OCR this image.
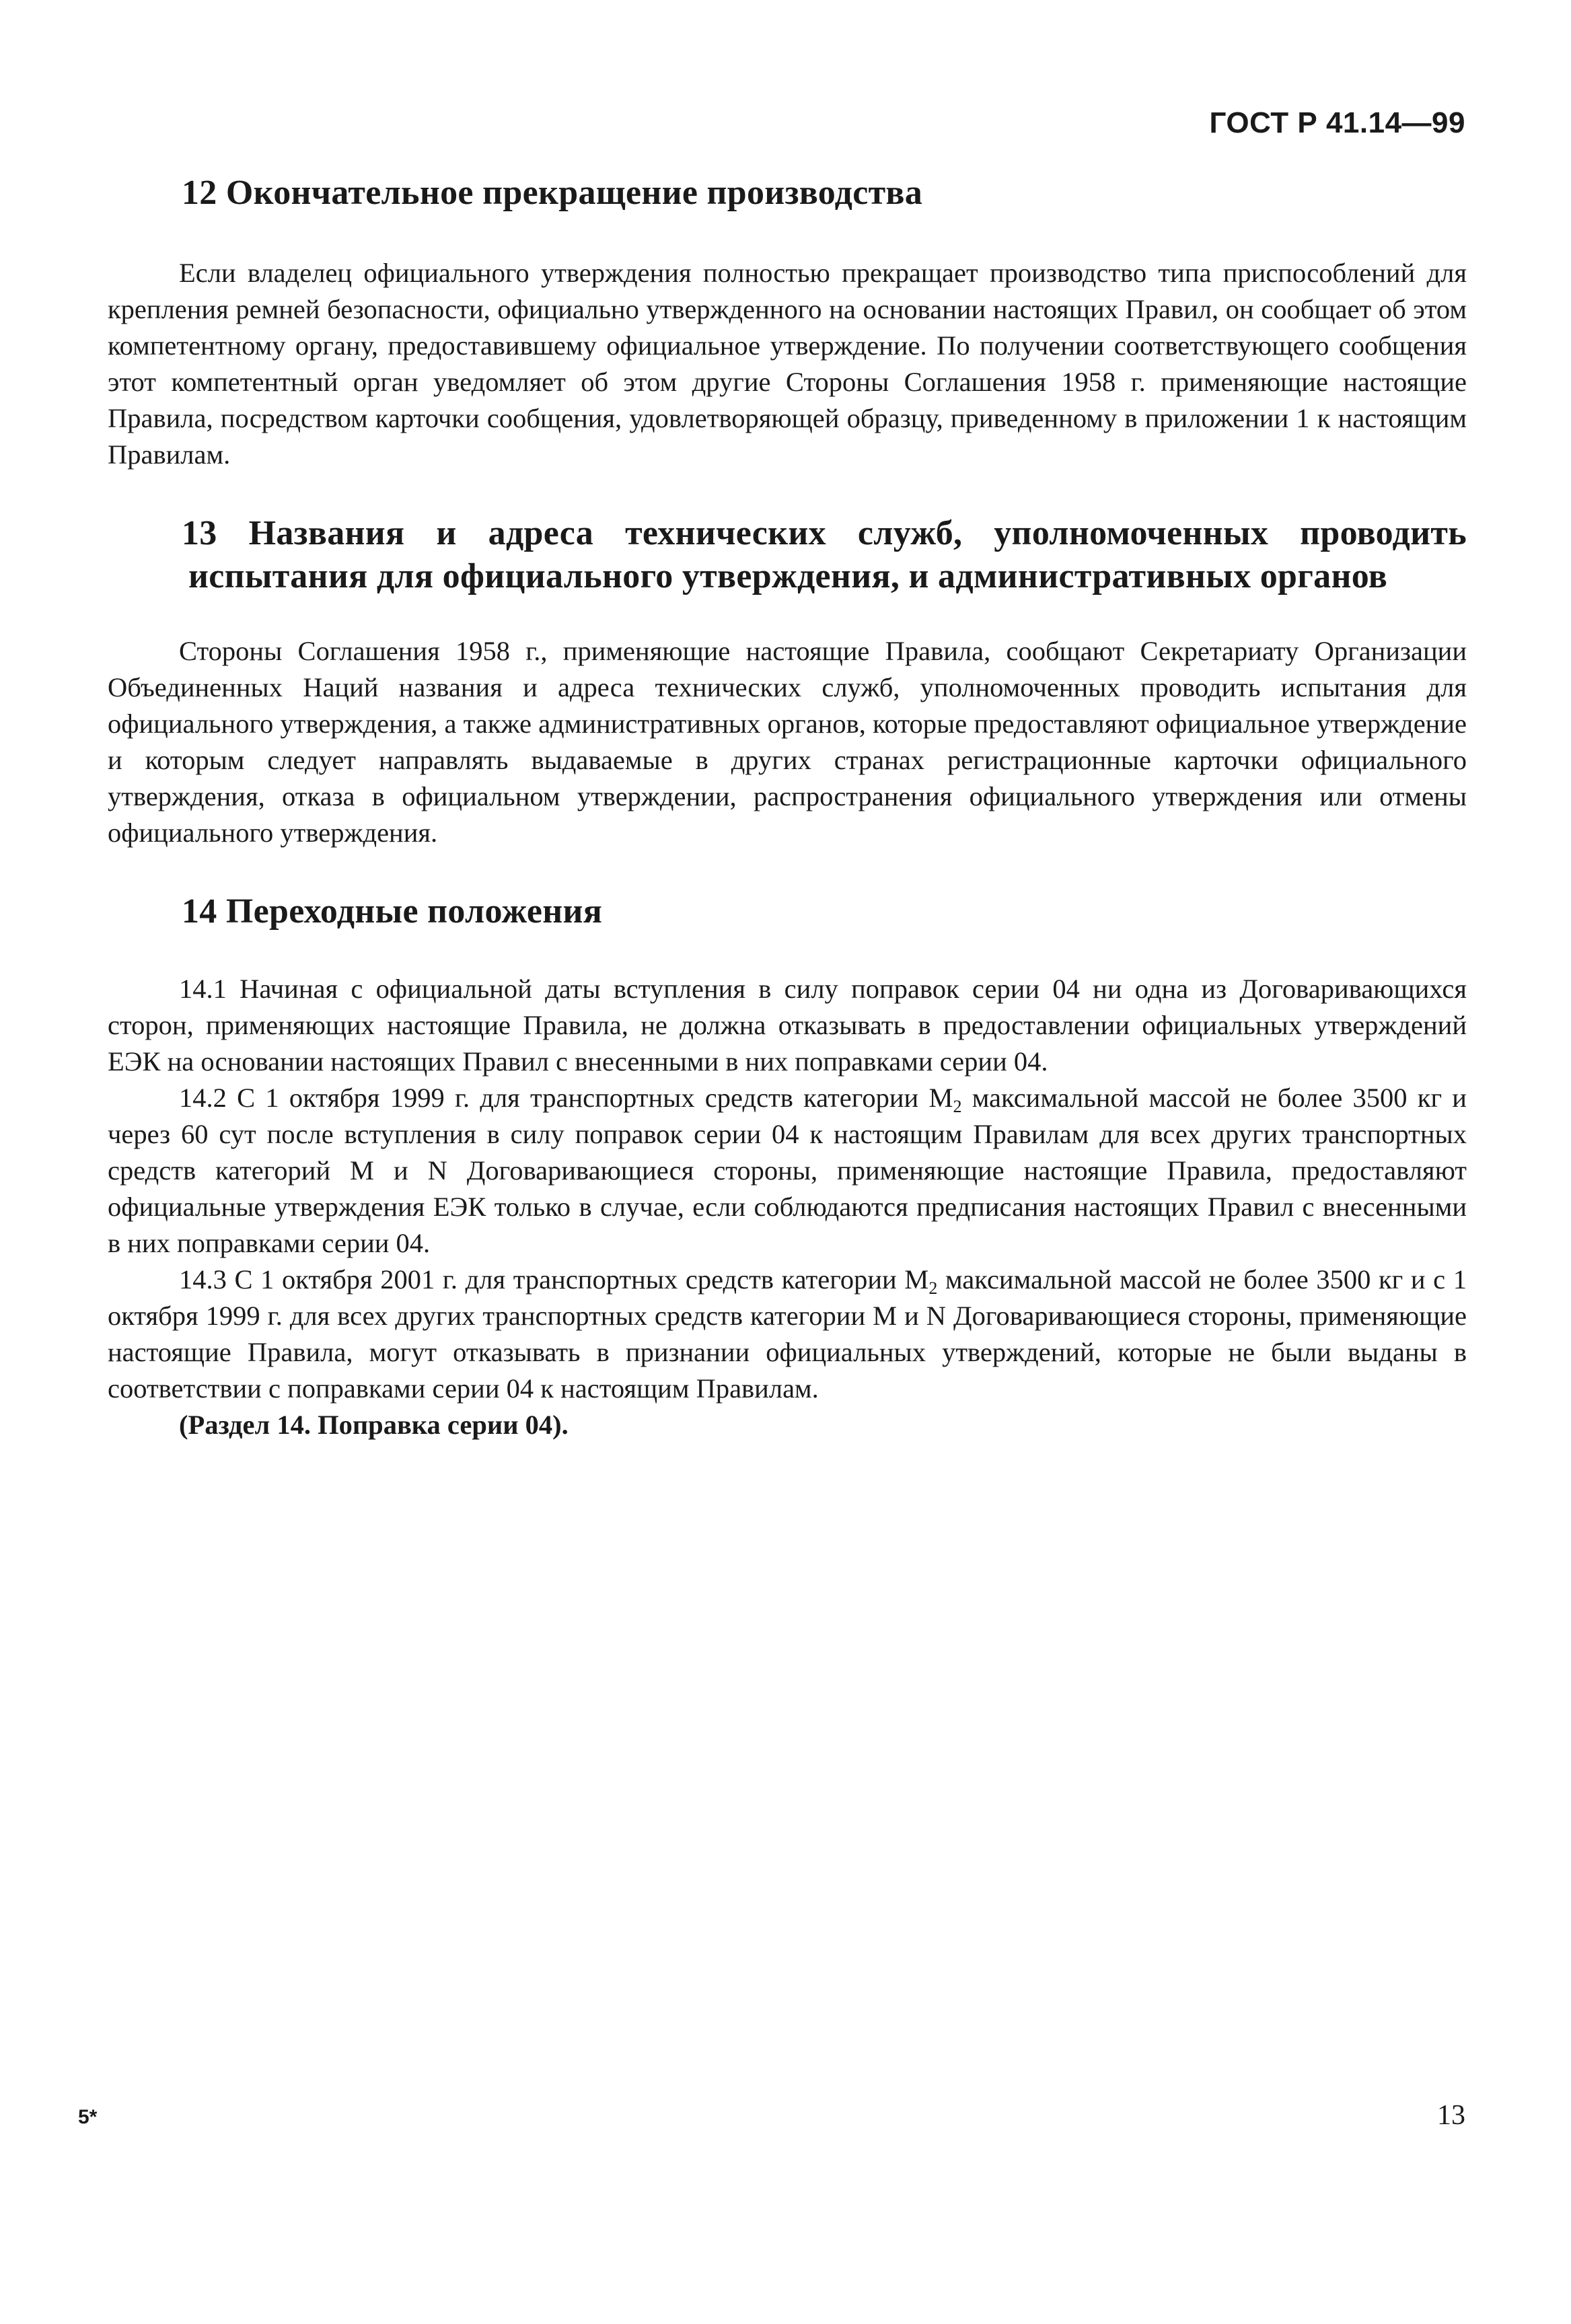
ГОСТ Р 41.14—99
12 Окончательное прекращение производства

Если владелец официального утверждения полностью прекращает производство типа приспособлений для крепления ремней безопасности, официально утвержденного на основании настоящих Правил, он сообщает об этом компетентному органу, предоставившему официальное утверждение. По получении соответствующего сообщения этот компетентный орган уведомляет об этом другие Стороны Соглашения 1958 г. применяющие настоящие Правила, посредством карточки сообщения, удовлетворяющей образцу, приведенному в приложении 1 к настоящим Правилам.

13 Названия и адреса технических служб, уполномоченных проводить
испытания для официального утверждения, и административных органов

Стороны Соглашения 1958 г., применяющие настоящие Правила, сообщают Секретариату Организации Объединенных Наций названия и адреса технических служб, уполномоченных проводить испытания для официального утверждения, а также административных органов, которые предоставляют официальное утверждение и которым следует направлять выдаваемые в других странах регистрационные карточки официального утверждения, отказа в официальном утверждении, распространения официального утверждения или отмены официального утверждения.

14 Переходные положения

14.1 Начиная с официальной даты вступления в силу поправок серии 04 ни одна из Договаривающихся сторон, применяющих настоящие Правила, не должна отказывать в предоставлении официальных утверждений ЕЭК на основании настоящих Правил с внесенными в них поправками серии 04.

14.2 С 1 октября 1999 г. для транспортных средств категории $M_2$ максимальной массой не более 3500 кг и через 60 сут после вступления в силу поправок серии 04 к настоящим Правилам для всех других транспортных средств категорий M и N Договаривающиеся стороны, применяющие настоящие Правила, предоставляют официальные утверждения ЕЭК только в случае, если соблюдаются предписания настоящих Правил с внесенными в них поправками серии 04.

14.3 С 1 октября 2001 г. для транспортных средств категории $M_2$ максимальной массой не более 3500 кг и с 1 октября 1999 г. для всех других транспортных средств категории M и N Договаривающиеся стороны, применяющие настоящие Правила, могут отказывать в признании официальных утверждений, которые не были выданы в соответствии с поправками серии 04 к настоящим Правилам.

(Раздел 14. Поправка серии 04).
5*	13
